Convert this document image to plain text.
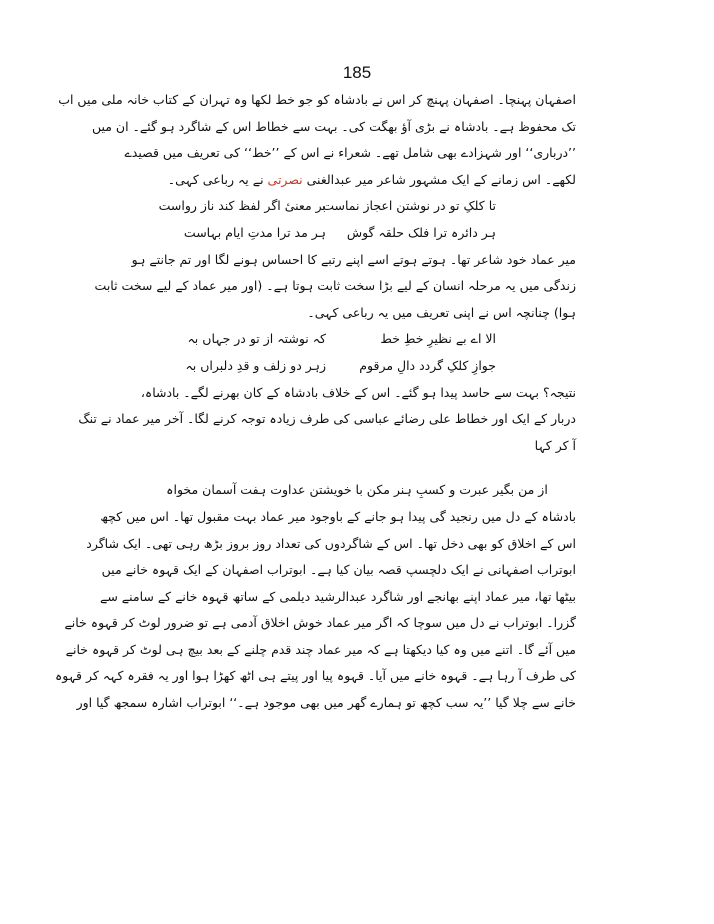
185
اصفہان پہنچا۔ اصفہان پہنچ کر اس نے بادشاہ کو جو خط لکھا وہ تہران کے کتاب خانہ ملی میں اب
تک محفوظ ہے۔ بادشاہ نے بڑی آؤ بھگت کی۔ بہت سے خطاط اس کے شاگرد ہو گئے۔ ان میں
’’درباری‘‘ اور شہزادے بھی شامل تھے۔ شعراء نے اس کے ’’خط‘‘ کی تعریف میں قصیدے
لکھے۔ اس زمانے کے ایک مشہور شاعر میر عبدالغنی نصرتی نے یہ رباعی کہی۔
تا کلکِ تو در نوشتن اعجاز نماست
بر معنیٔ اگر لفظ کند ناز رواست
ہر دائرہ ترا فلک حلقہ گوش
ہر مد ترا مدتِ ایام بہاست
میر عماد خود شاعر تھا۔ ہوتے ہوتے اسے اپنے رتبے کا احساس ہونے لگا اور تم جانتے ہو
زندگی میں یہ مرحلہ انسان کے لیے بڑا سخت ثابت ہوتا ہے۔ (اور میر عماد کے لیے سخت ثابت
ہوا) چنانچہ اس نے اپنی تعریف میں یہ رباعی کہی۔
الا اے بے نظیرِ خطِ خط
کہ نوشتہ از تو در جہاں بہ
جوازِ کلکِ گردد دالِ مرقوم
زہر دو زلف و قدِ دلبراں بہ
نتیجہ؟ بہت سے حاسد پیدا ہو گئے۔ اس کے خلاف بادشاہ کے کان بھرنے لگے۔ بادشاہ،
دربار کے ایک اور خطاط علی رضائے عباسی کی طرف زیادہ توجہ کرنے لگا۔ آخر میر عماد نے تنگ
آ کر کہا
از من بگیر عبرت و کسبِ ہنر مکن با خویشتن عداوت ہفت آسمان مخواہ
بادشاہ کے دل میں رنجید گی پیدا ہو جانے کے باوجود میر عماد بہت مقبول تھا۔ اس میں کچھ
اس کے اخلاق کو بھی دخل تھا۔ اس کے شاگردوں کی تعداد روز بروز بڑھ رہی تھی۔ ایک شاگرد
ابوتراب اصفہانی نے ایک دلچسپ قصہ بیان کیا ہے۔ ابوتراب اصفہان کے ایک قہوہ خانے میں
بیٹھا تھا، میر عماد اپنے بھانجے اور شاگرد عبدالرشید دیلمی کے ساتھ قہوہ خانے کے سامنے سے
گزرا۔ ابوتراب نے دل میں سوچا کہ اگر میر عماد خوش اخلاق آدمی ہے تو ضرور لوٹ کر قہوہ خانے
میں آئے گا۔ اتنے میں وہ کیا دیکھتا ہے کہ میر عماد چند قدم چلنے کے بعد بیچ ہی لوٹ کر قہوہ خانے
کی طرف آ رہا ہے۔ قہوہ خانے میں آیا۔ قہوہ پیا اور پیتے ہی اٹھ کھڑا ہوا اور یہ فقرہ کہہ کر قہوہ
خانے سے چلا گیا ’’یہ سب کچھ تو ہمارے گھر میں بھی موجود ہے۔‘‘ ابوتراب اشارہ سمجھ گیا اور
